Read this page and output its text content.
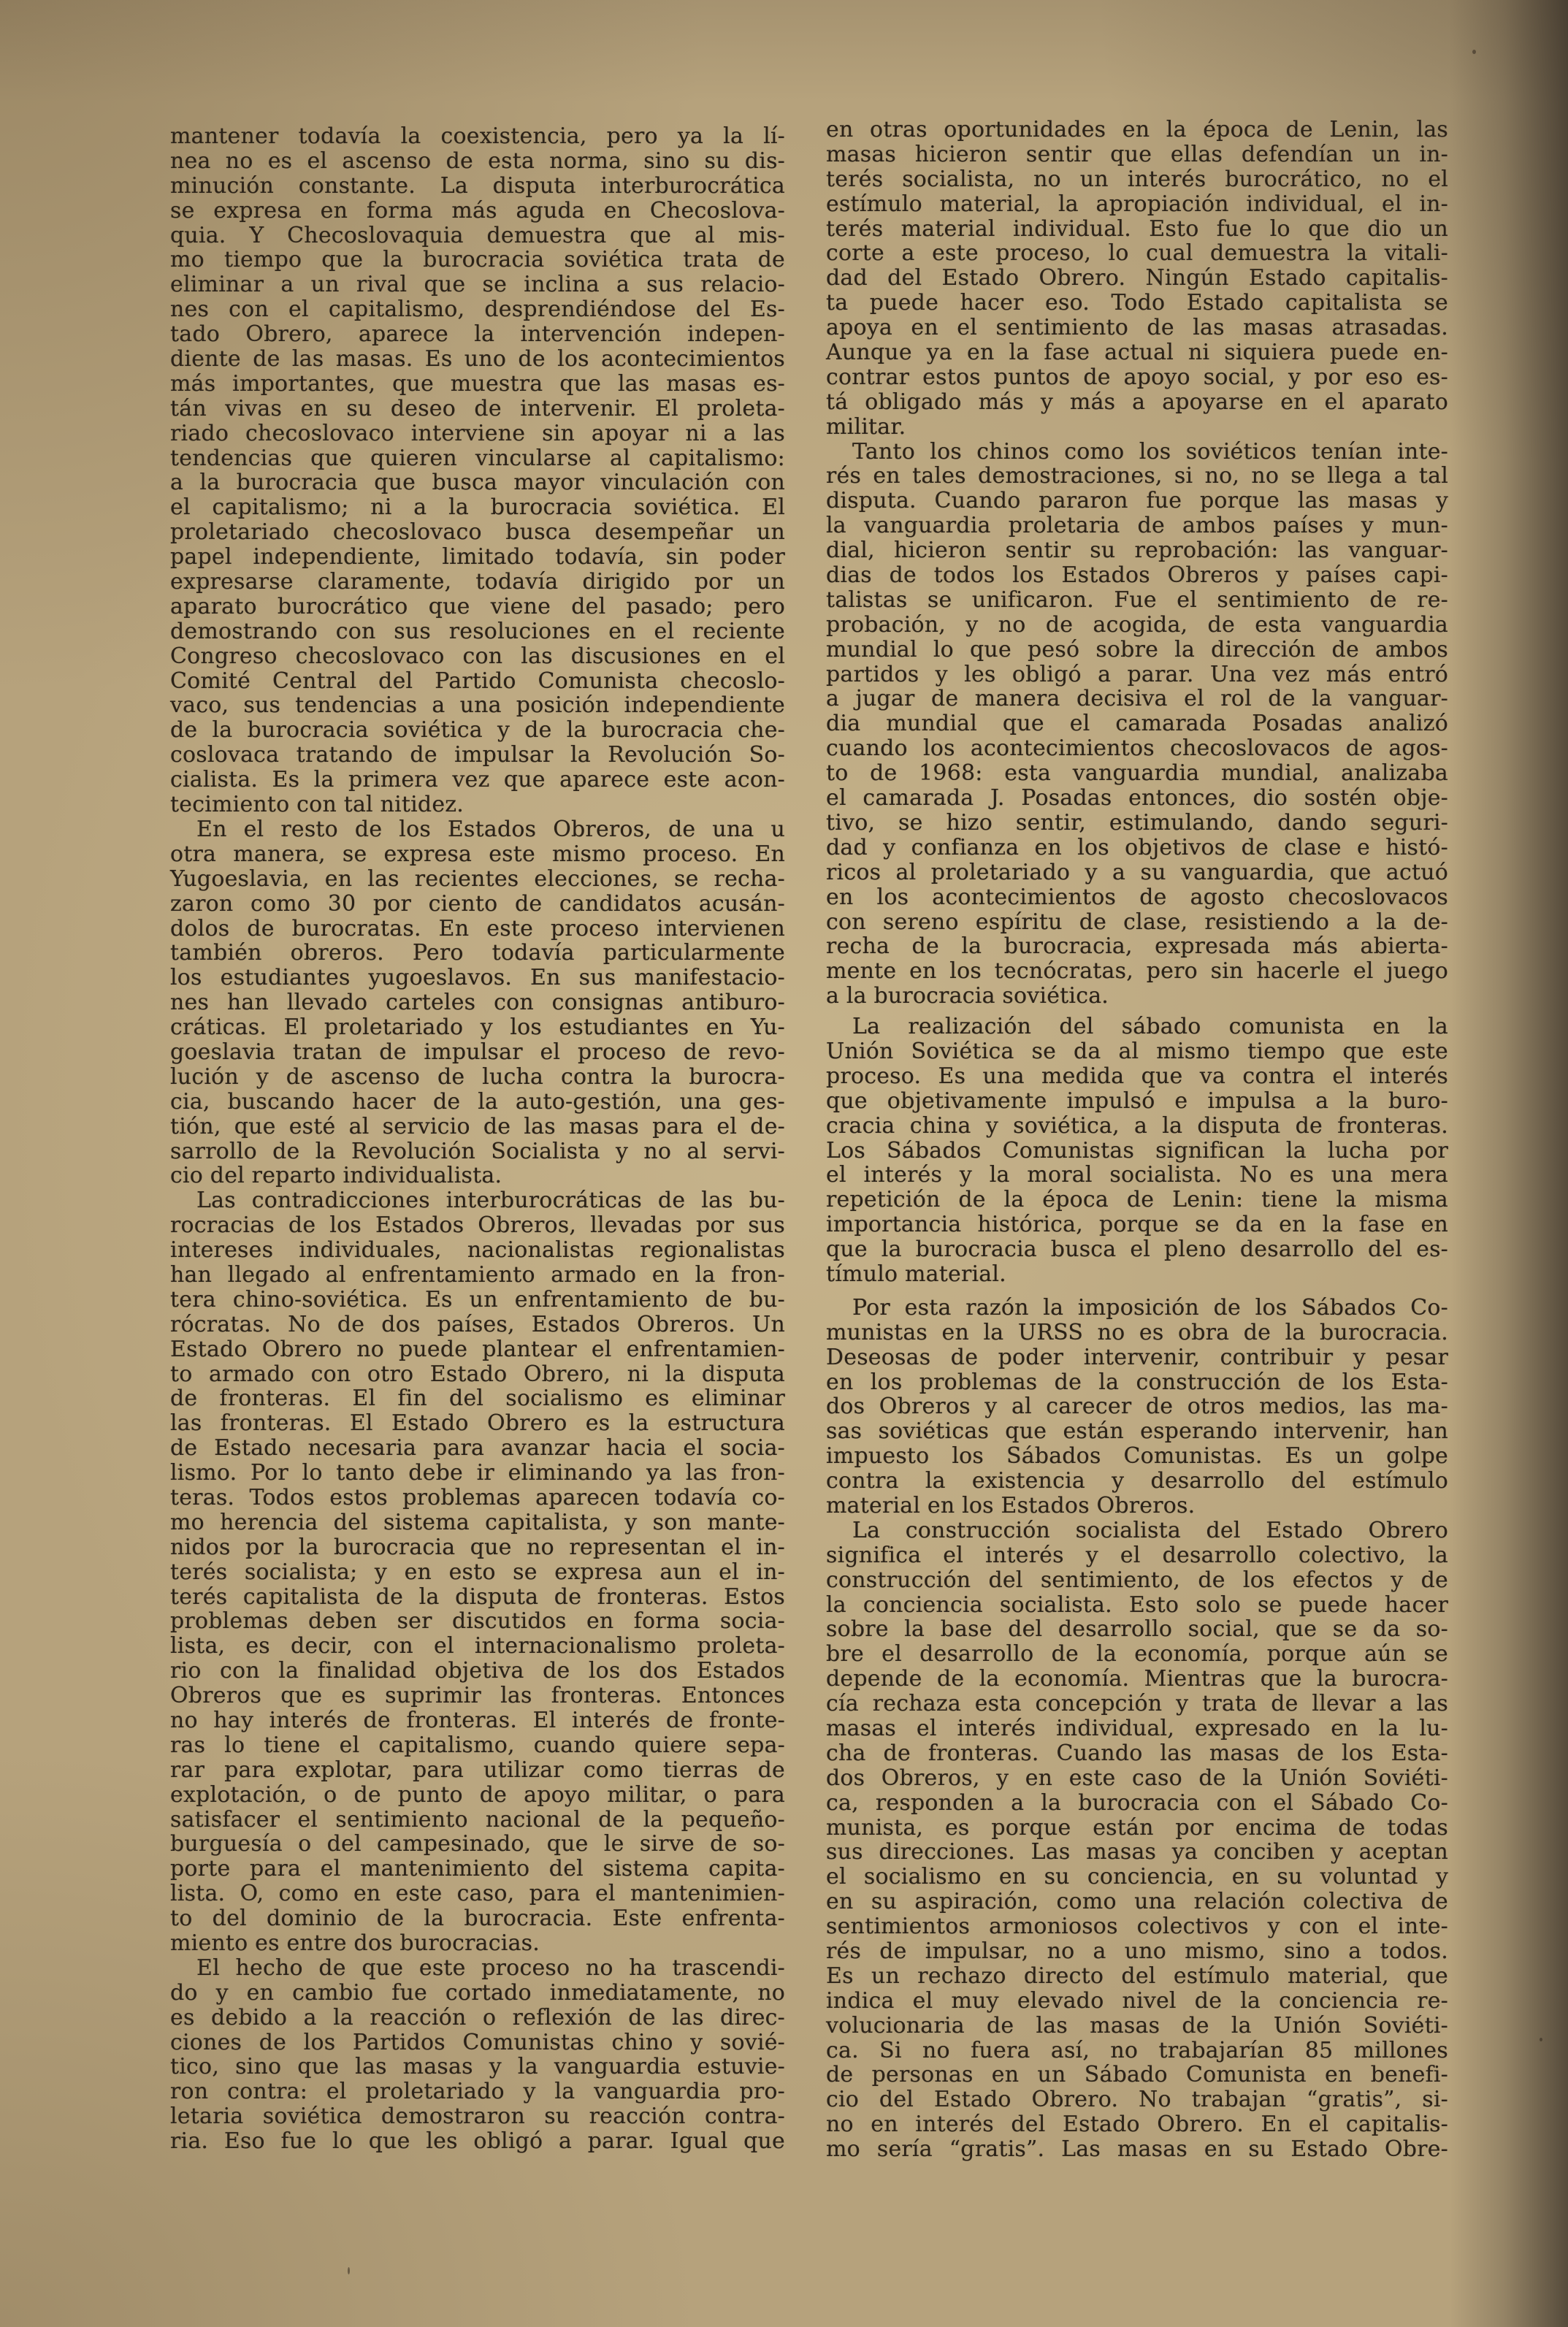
mantener todavía la coexistencia, pero ya la lí-
nea no es el ascenso de esta norma, sino su dis-
minución constante. La disputa interburocrática
se expresa en forma más aguda en Checoslova-
quia. Y Checoslovaquia demuestra que al mis-
mo tiempo que la burocracia soviética trata de
eliminar a un rival que se inclina a sus relacio-
nes con el capitalismo, desprendiéndose del Es-
tado Obrero, aparece la intervención indepen-
diente de las masas. Es uno de los acontecimientos
más importantes, que muestra que las masas es-
tán vivas en su deseo de intervenir. El proleta-
riado checoslovaco interviene sin apoyar ni a las
tendencias que quieren vincularse al capitalismo:
a la burocracia que busca mayor vinculación con
el capitalismo; ni a la burocracia soviética. El
proletariado checoslovaco busca desempeñar un
papel independiente, limitado todavía, sin poder
expresarse claramente, todavía dirigido por un
aparato burocrático que viene del pasado; pero
demostrando con sus resoluciones en el reciente
Congreso checoslovaco con las discusiones en el
Comité Central del Partido Comunista checoslo-
vaco, sus tendencias a una posición independiente
de la burocracia soviética y de la burocracia che-
coslovaca tratando de impulsar la Revolución So-
cialista. Es la primera vez que aparece este acon-
tecimiento con tal nitidez.
En el resto de los Estados Obreros, de una u
otra manera, se expresa este mismo proceso. En
Yugoeslavia, en las recientes elecciones, se recha-
zaron como 30 por ciento de candidatos acusán-
dolos de burocratas. En este proceso intervienen
también obreros. Pero todavía particularmente
los estudiantes yugoeslavos. En sus manifestacio-
nes han llevado carteles con consignas antiburo-
cráticas. El proletariado y los estudiantes en Yu-
goeslavia tratan de impulsar el proceso de revo-
lución y de ascenso de lucha contra la burocra-
cia, buscando hacer de la auto-gestión, una ges-
tión, que esté al servicio de las masas para el de-
sarrollo de la Revolución Socialista y no al servi-
cio del reparto individualista.
Las contradicciones interburocráticas de las bu-
rocracias de los Estados Obreros, llevadas por sus
intereses individuales, nacionalistas regionalistas
han llegado al enfrentamiento armado en la fron-
tera chino-soviética. Es un enfrentamiento de bu-
rócratas. No de dos países, Estados Obreros. Un
Estado Obrero no puede plantear el enfrentamien-
to armado con otro Estado Obrero, ni la disputa
de fronteras. El fin del socialismo es eliminar
las fronteras. El Estado Obrero es la estructura
de Estado necesaria para avanzar hacia el socia-
lismo. Por lo tanto debe ir eliminando ya las fron-
teras. Todos estos problemas aparecen todavía co-
mo herencia del sistema capitalista, y son mante-
nidos por la burocracia que no representan el in-
terés socialista; y en esto se expresa aun el in-
terés capitalista de la disputa de fronteras. Estos
problemas deben ser discutidos en forma socia-
lista, es decir, con el internacionalismo proleta-
rio con la finalidad objetiva de los dos Estados
Obreros que es suprimir las fronteras. Entonces
no hay interés de fronteras. El interés de fronte-
ras lo tiene el capitalismo, cuando quiere sepa-
rar para explotar, para utilizar como tierras de
explotación, o de punto de apoyo militar, o para
satisfacer el sentimiento nacional de la pequeño-
burguesía o del campesinado, que le sirve de so-
porte para el mantenimiento del sistema capita-
lista. O, como en este caso, para el mantenimien-
to del dominio de la burocracia. Este enfrenta-
miento es entre dos burocracias.
El hecho de que este proceso no ha trascendi-
do y en cambio fue cortado inmediatamente, no
es debido a la reacción o reflexión de las direc-
ciones de los Partidos Comunistas chino y sovié-
tico, sino que las masas y la vanguardia estuvie-
ron contra: el proletariado y la vanguardia pro-
letaria soviética demostraron su reacción contra-
ria. Eso fue lo que les obligó a parar. Igual que
en otras oportunidades en la época de Lenin, las
masas hicieron sentir que ellas defendían un in-
terés socialista, no un interés burocrático, no el
estímulo material, la apropiación individual, el in-
terés material individual. Esto fue lo que dio un
corte a este proceso, lo cual demuestra la vitali-
dad del Estado Obrero. Ningún Estado capitalis-
ta puede hacer eso. Todo Estado capitalista se
apoya en el sentimiento de las masas atrasadas.
Aunque ya en la fase actual ni siquiera puede en-
contrar estos puntos de apoyo social, y por eso es-
tá obligado más y más a apoyarse en el aparato
militar.
Tanto los chinos como los soviéticos tenían inte-
rés en tales demostraciones, si no, no se llega a tal
disputa. Cuando pararon fue porque las masas y
la vanguardia proletaria de ambos países y mun-
dial, hicieron sentir su reprobación: las vanguar-
dias de todos los Estados Obreros y países capi-
talistas se unificaron. Fue el sentimiento de re-
probación, y no de acogida, de esta vanguardia
mundial lo que pesó sobre la dirección de ambos
partidos y les obligó a parar. Una vez más entró
a jugar de manera decisiva el rol de la vanguar-
dia mundial que el camarada Posadas analizó
cuando los acontecimientos checoslovacos de agos-
to de 1968: esta vanguardia mundial, analizaba
el camarada J. Posadas entonces, dio sostén obje-
tivo, se hizo sentir, estimulando, dando seguri-
dad y confianza en los objetivos de clase e histó-
ricos al proletariado y a su vanguardia, que actuó
en los acontecimientos de agosto checoslovacos
con sereno espíritu de clase, resistiendo a la de-
recha de la burocracia, expresada más abierta-
mente en los tecnócratas, pero sin hacerle el juego
a la burocracia soviética.
La realización del sábado comunista en la
Unión Soviética se da al mismo tiempo que este
proceso. Es una medida que va contra el interés
que objetivamente impulsó e impulsa a la buro-
cracia china y soviética, a la disputa de fronteras.
Los Sábados Comunistas significan la lucha por
el interés y la moral socialista. No es una mera
repetición de la época de Lenin: tiene la misma
importancia histórica, porque se da en la fase en
que la burocracia busca el pleno desarrollo del es-
tímulo material.
Por esta razón la imposición de los Sábados Co-
munistas en la URSS no es obra de la burocracia.
Deseosas de poder intervenir, contribuir y pesar
en los problemas de la construcción de los Esta-
dos Obreros y al carecer de otros medios, las ma-
sas soviéticas que están esperando intervenir, han
impuesto los Sábados Comunistas. Es un golpe
contra la existencia y desarrollo del estímulo
material en los Estados Obreros.
La construcción socialista del Estado Obrero
significa el interés y el desarrollo colectivo, la
construcción del sentimiento, de los efectos y de
la conciencia socialista. Esto solo se puede hacer
sobre la base del desarrollo social, que se da so-
bre el desarrollo de la economía, porque aún se
depende de la economía. Mientras que la burocra-
cía rechaza esta concepción y trata de llevar a las
masas el interés individual, expresado en la lu-
cha de fronteras. Cuando las masas de los Esta-
dos Obreros, y en este caso de la Unión Soviéti-
ca, responden a la burocracia con el Sábado Co-
munista, es porque están por encima de todas
sus direcciones. Las masas ya conciben y aceptan
el socialismo en su conciencia, en su voluntad y
en su aspiración, como una relación colectiva de
sentimientos armoniosos colectivos y con el inte-
rés de impulsar, no a uno mismo, sino a todos.
Es un rechazo directo del estímulo material, que
indica el muy elevado nivel de la conciencia re-
volucionaria de las masas de la Unión Soviéti-
ca. Si no fuera así, no trabajarían 85 millones
de personas en un Sábado Comunista en benefi-
cio del Estado Obrero. No trabajan “gratis”, si-
no en interés del Estado Obrero. En el capitalis-
mo sería “gratis”. Las masas en su Estado Obre-
